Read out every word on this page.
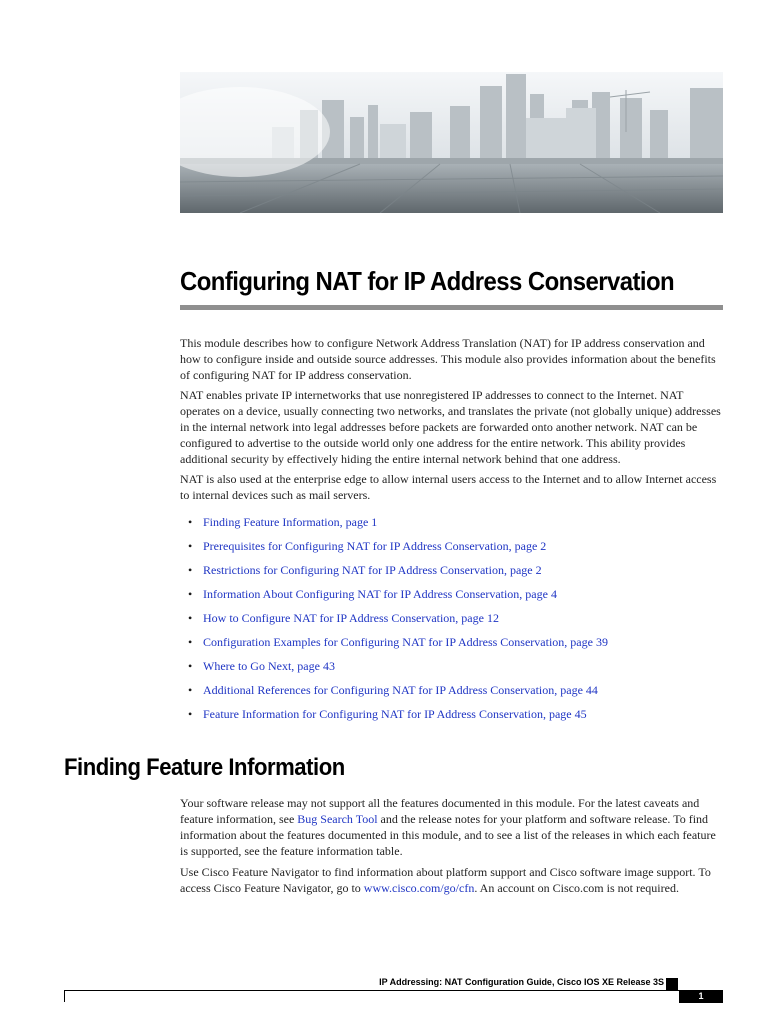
Configuring NAT for IP Address Conservation

This module describes how to configure Network Address Translation (NAT) for IP address conservation and how to configure inside and outside source addresses. This module also provides information about the benefits of configuring NAT for IP address conservation.

NAT enables private IP internetworks that use nonregistered IP addresses to connect to the Internet. NAT operates on a device, usually connecting two networks, and translates the private (not globally unique) addresses in the internal network into legal addresses before packets are forwarded onto another network. NAT can be configured to advertise to the outside world only one address for the entire network. This ability provides additional security by effectively hiding the entire internal network behind that one address.

NAT is also used at the enterprise edge to allow internal users access to the Internet and to allow Internet access to internal devices such as mail servers.

• Finding Feature Information, page 1
• Prerequisites for Configuring NAT for IP Address Conservation, page 2
• Restrictions for Configuring NAT for IP Address Conservation, page 2
• Information About Configuring NAT for IP Address Conservation, page 4
• How to Configure NAT for IP Address Conservation, page 12
• Configuration Examples for Configuring NAT for IP Address Conservation, page 39
• Where to Go Next, page 43
• Additional References for Configuring NAT for IP Address Conservation, page 44
• Feature Information for Configuring NAT for IP Address Conservation, page 45
Finding Feature Information

Your software release may not support all the features documented in this module. For the latest caveats and feature information, see Bug Search Tool and the release notes for your platform and software release. To find information about the features documented in this module, and to see a list of the releases in which each feature is supported, see the feature information table.

Use Cisco Feature Navigator to find information about platform support and Cisco software image support. To access Cisco Feature Navigator, go to www.cisco.com/go/cfn. An account on Cisco.com is not required.

IP Addressing: NAT Configuration Guide, Cisco IOS XE Release 3S
1
